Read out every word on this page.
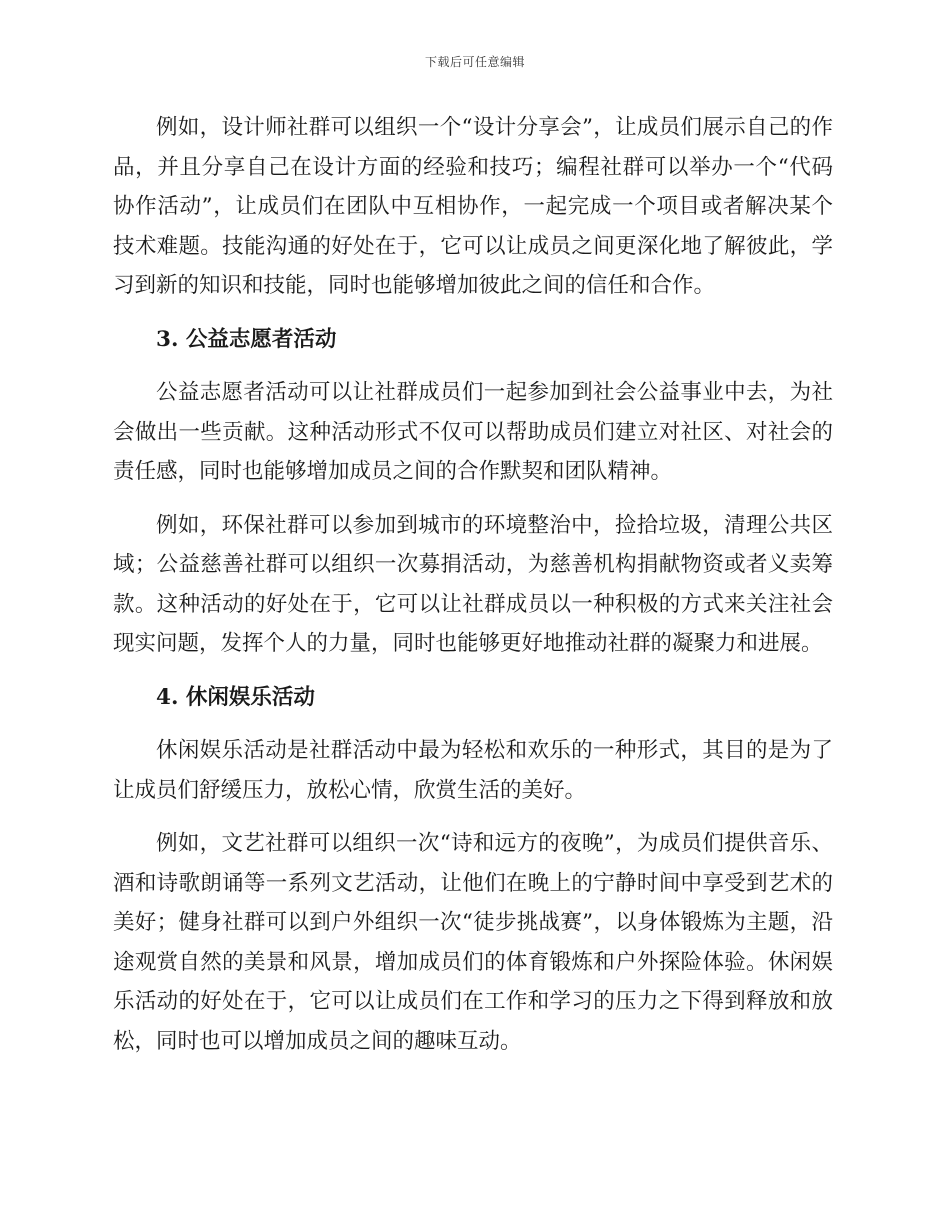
下载后可任意编辑

例如，设计师社群可以组织一个“设计分享会”，让成员们展示自己的作品，并且分享自己在设计方面的经验和技巧；编程社群可以举办一个“代码协作活动”，让成员们在团队中互相协作，一起完成一个项目或者解决某个技术难题。技能沟通的好处在于，它可以让成员之间更深化地了解彼此，学习到新的知识和技能，同时也能够增加彼此之间的信任和合作。

3. 公益志愿者活动

公益志愿者活动可以让社群成员们一起参加到社会公益事业中去，为社会做出一些贡献。这种活动形式不仅可以帮助成员们建立对社区、对社会的责任感，同时也能够增加成员之间的合作默契和团队精神。

例如，环保社群可以参加到城市的环境整治中，捡拾垃圾，清理公共区域；公益慈善社群可以组织一次募捐活动，为慈善机构捐献物资或者义卖筹款。这种活动的好处在于，它可以让社群成员以一种积极的方式来关注社会现实问题，发挥个人的力量，同时也能够更好地推动社群的凝聚力和进展。

4. 休闲娱乐活动

休闲娱乐活动是社群活动中最为轻松和欢乐的一种形式，其目的是为了让成员们舒缓压力，放松心情，欣赏生活的美好。

例如，文艺社群可以组织一次“诗和远方的夜晚”，为成员们提供音乐、酒和诗歌朗诵等一系列文艺活动，让他们在晚上的宁静时间中享受到艺术的美好；健身社群可以到户外组织一次“徒步挑战赛”，以身体锻炼为主题，沿途观赏自然的美景和风景，增加成员们的体育锻炼和户外探险体验。休闲娱乐活动的好处在于，它可以让成员们在工作和学习的压力之下得到释放和放松，同时也可以增加成员之间的趣味互动。
